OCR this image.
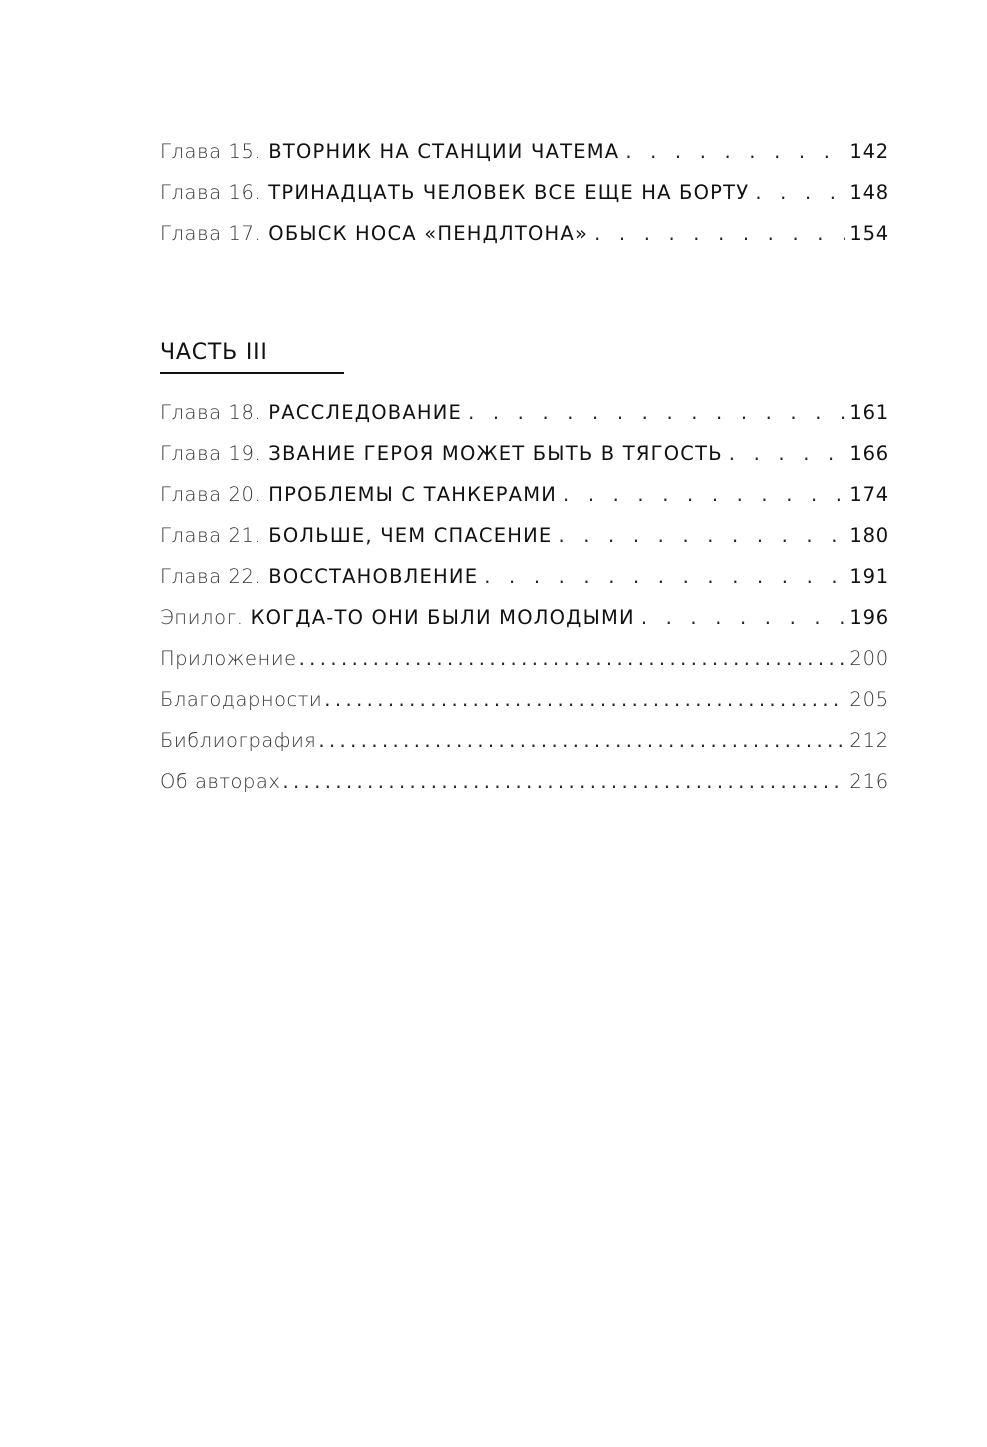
Глава 15. ВТОРНИК НА СТАНЦИИ ЧАТЕМА . . .	142
Глава 16. ТРИНАДЦАТЬ ЧЕЛОВЕК ВСЕ ЕЩЕ НА БОРТУ . . .	148
Глава 17. ОБЫСК НОСА «ПЕНДЛТОНА» . . .	154
ЧАСТЬ III
Глава 18. РАССЛЕДОВАНИЕ . . .	161
Глава 19. ЗВАНИЕ ГЕРОЯ МОЖЕТ БЫТЬ В ТЯГОСТЬ . . .	166
Глава 20. ПРОБЛЕМЫ С ТАНКЕРАМИ . . .	174
Глава 21. БОЛЬШЕ, ЧЕМ СПАСЕНИЕ . . .	180
Глава 22. ВОССТАНОВЛЕНИЕ . . .	191
Эпилог. КОГДА-ТО ОНИ БЫЛИ МОЛОДЫМИ . . .	196
Приложение .....	200
Благодарности .....	205
Библиография .....	212
Об авторах .....	216
